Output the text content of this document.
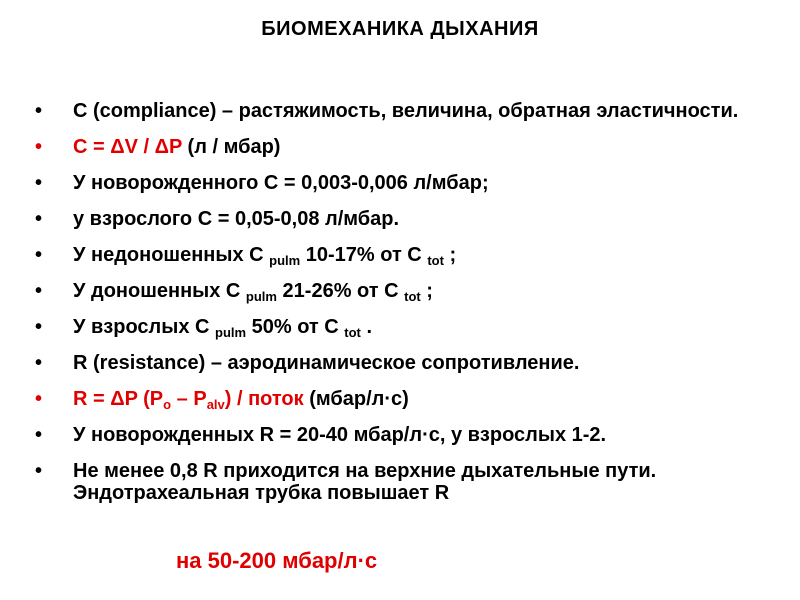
БИОМЕХАНИКА ДЫХАНИЯ
• C (compliance) – растяжимость, величина, обратная эластичности.
• C = ΔV / ΔP (л / мбар)
• У новорожденного C = 0,003-0,006 л/мбар;
• у взрослого C = 0,05-0,08 л/мбар.
• У недоношенных C $_{pulm}$ 10-17% от C $_{tot}$ ;
• У доношенных C $_{pulm}$ 21-26% от C $_{tot}$ ;
• У взрослых C $_{pulm}$ 50% от C $_{tot}$ .
• R (resistance) – аэродинамическое сопротивление.
• R = ΔP $(P_o - P_{alv})$ / поток (мбар/л·с)
• У новорожденных R = 20-40 мбар/л·с, у взрослых 1-2.
• Не менее 0,8 R приходится на верхние дыхательные пути. Эндотрахеальная трубка повышает R
на 50-200 мбар/л·с
